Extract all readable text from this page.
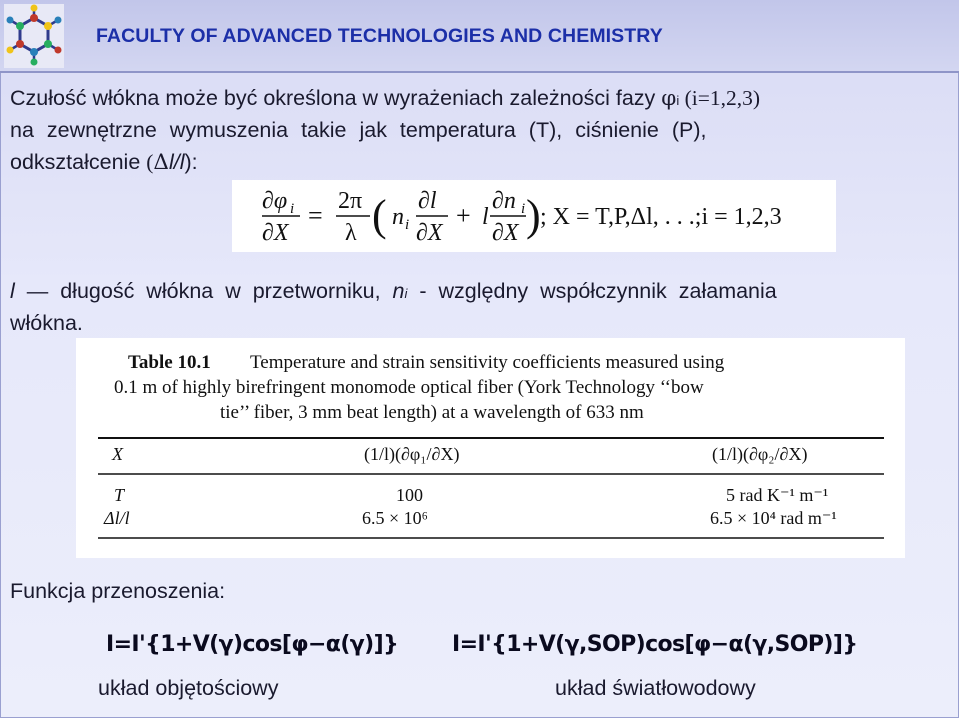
FACULTY OF ADVANCED TECHNOLOGIES AND CHEMISTRY
Czułość włókna może być określona w wyrażeniach zależności fazy φi (i=1,2,3)
na zewnętrzne wymuszenia takie jak temperatura (T), ciśnienie (P),
odkształcenie (Δl/l):
∂φ i
∂X
= 2π
λ ( n i
∂l
∂X
+ l
∂n i
∂X ) ; X = T,P,Δl, . . .;i = 1,2,3
l — długość włókna w przetworniku, ni - względny współczynnik załamania
włókna.
Table 10.1 Temperature and strain sensitivity coefficients measured using
0.1 m of highly birefringent monomode optical fiber (York Technology ‘‘bow
tie’’ fiber, 3 mm beat length) at a wavelength of 633 nm
X	(1/l)(∂φ₁/∂X)	(1/l)(∂φ₂/∂X)
T	100	5 rad K⁻¹ m⁻¹
Δl/l	6.5 × 10⁶	6.5 × 10⁴ rad m⁻¹
Funkcja przenoszenia:
I=I'{1+V(γ)cos[φ−α(γ)]} I=I'{1+V(γ,SOP)cos[φ−α(γ,SOP)]}
układ objętościowy	układ światłowodowy
